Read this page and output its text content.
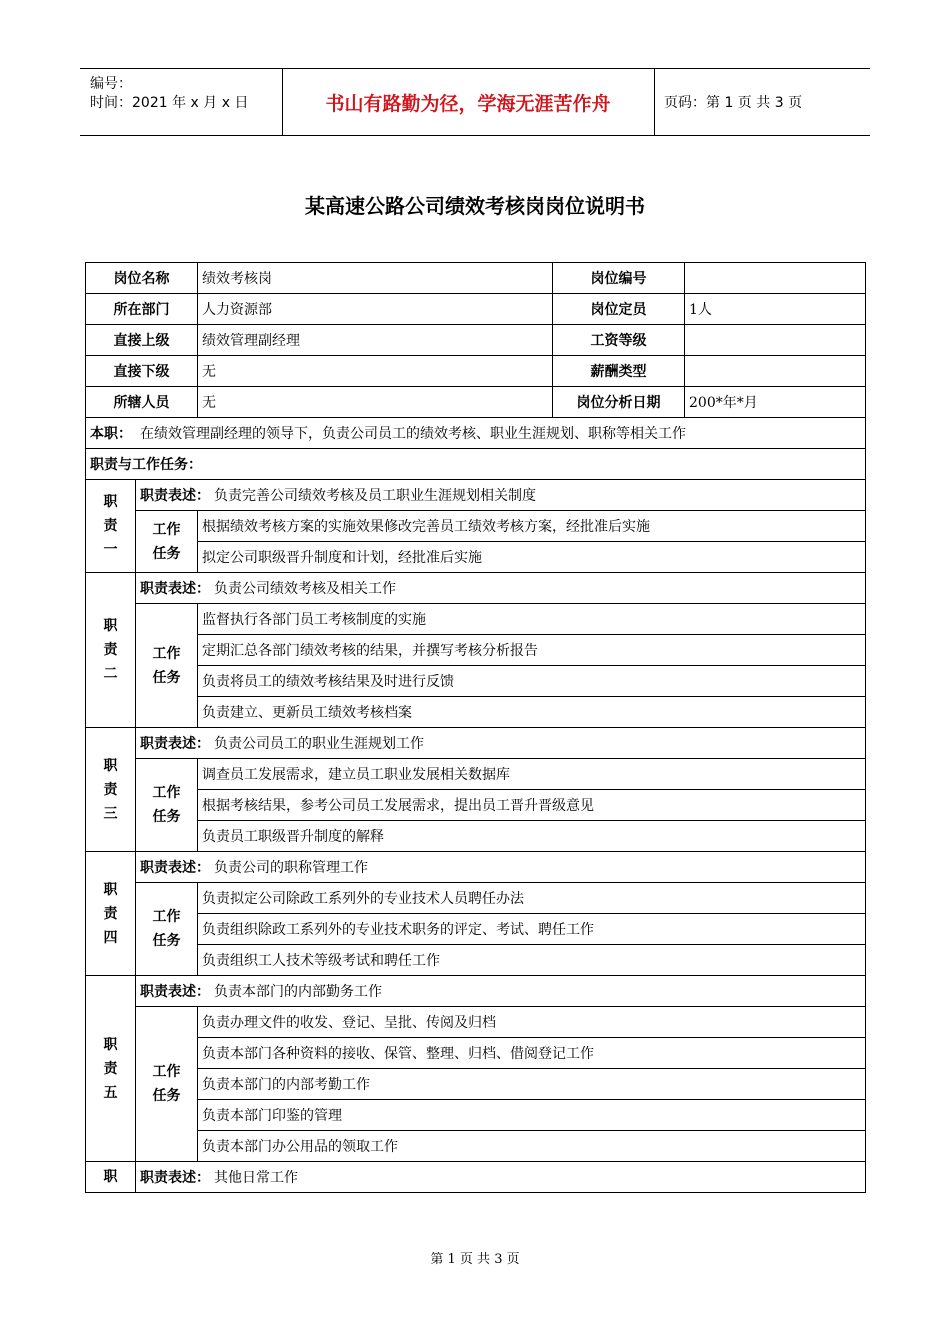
编号：
时间：2021 年 x 月 x 日	书山有路勤为径，学海无涯苦作舟	页码：第 1 页 共 3 页
某高速公路公司绩效考核岗岗位说明书
岗位名称		绩效考核岗	岗位编号	
所在部门		人力资源部	岗位定员	1人
直接上级		绩效管理副经理	工资等级	
直接下级		无	薪酬类型	
所辖人员		无	岗位分析日期	200*年*月
本职： 在绩效管理副经理的领导下，负责公司员工的绩效考核、职业生涯规划、职称等相关工作				
职责与工作任务：				

职
责
一	职责表述： 负责完善公司绩效考核及员工职业生涯规划相关制度			

	工作
任务	根据绩效考核方案的实施效果修改完善员工绩效考核方案，经批准后实施		
		拟定公司职级晋升制度和计划，经批准后实施		

职
责
二	职责表述： 负责公司绩效考核及相关工作			

	工作
任务	监督执行各部门员工考核制度的实施		
		定期汇总各部门绩效考核的结果，并撰写考核分析报告		
		负责将员工的绩效考核结果及时进行反馈		
		负责建立、更新员工绩效考核档案		

职
责
三	职责表述： 负责公司员工的职业生涯规划工作			

	工作
任务	调查员工发展需求，建立员工职业发展相关数据库		
		根据考核结果，参考公司员工发展需求，提出员工晋升晋级意见		
		负责员工职级晋升制度的解释		

职
责
四	职责表述： 负责公司的职称管理工作			

	工作
任务	负责拟定公司除政工系列外的专业技术人员聘任办法		
		负责组织除政工系列外的专业技术职务的评定、考试、聘任工作		
		负责组织工人技术等级考试和聘任工作		

职
责
五	职责表述： 负责本部门的内部勤务工作			

	工作
任务	负责办理文件的收发、登记、呈批、传阅及归档		
		负责本部门各种资料的接收、保管、整理、归档、借阅登记工作		
		负责本部门的内部考勤工作		
		负责本部门印鉴的管理		
		负责本部门办公用品的领取工作		
职	职责表述： 其他日常工作			
第 1 页 共 3 页
